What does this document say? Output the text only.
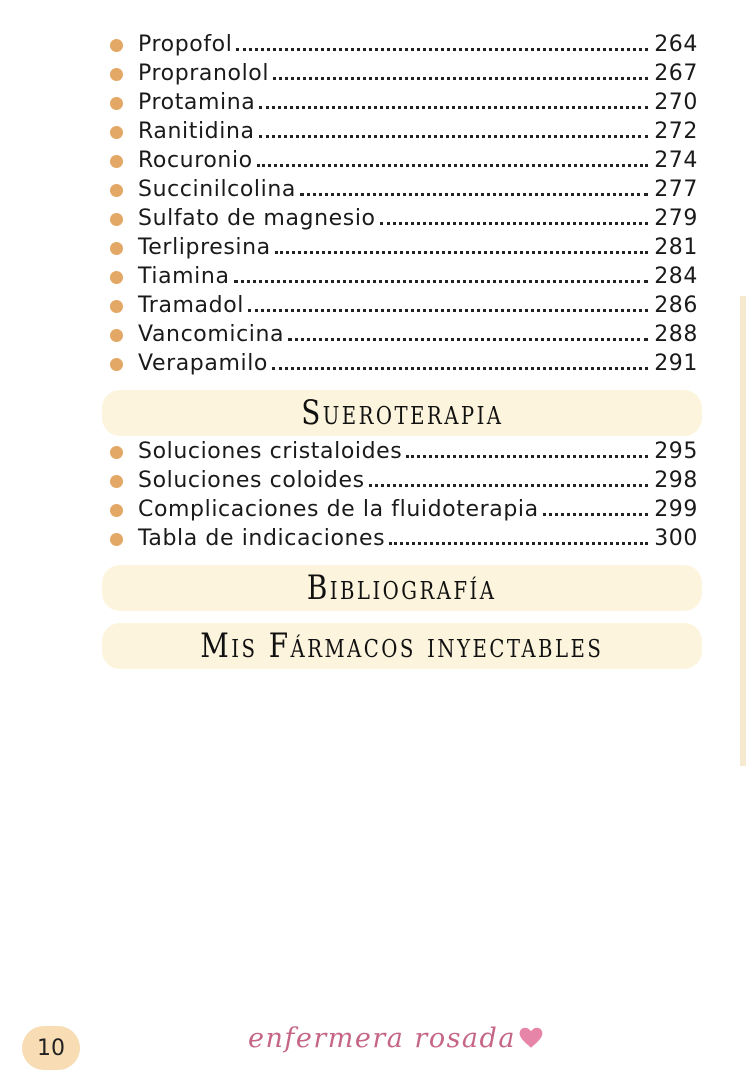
Propofol	264
Propranolol	267
Protamina	270
Ranitidina	272
Rocuronio	274
Succinilcolina	277
Sulfato de magnesio	279
Terlipresina	281
Tiamina	284
Tramadol	286
Vancomicina	288
Verapamilo	291
Sueroterapia
Soluciones cristaloides	295
Soluciones coloides	298
Complicaciones de la fluidoterapia	299
Tabla de indicaciones	300
Bibliografía
Mis Fármacos inyectables
10	enfermera rosada
